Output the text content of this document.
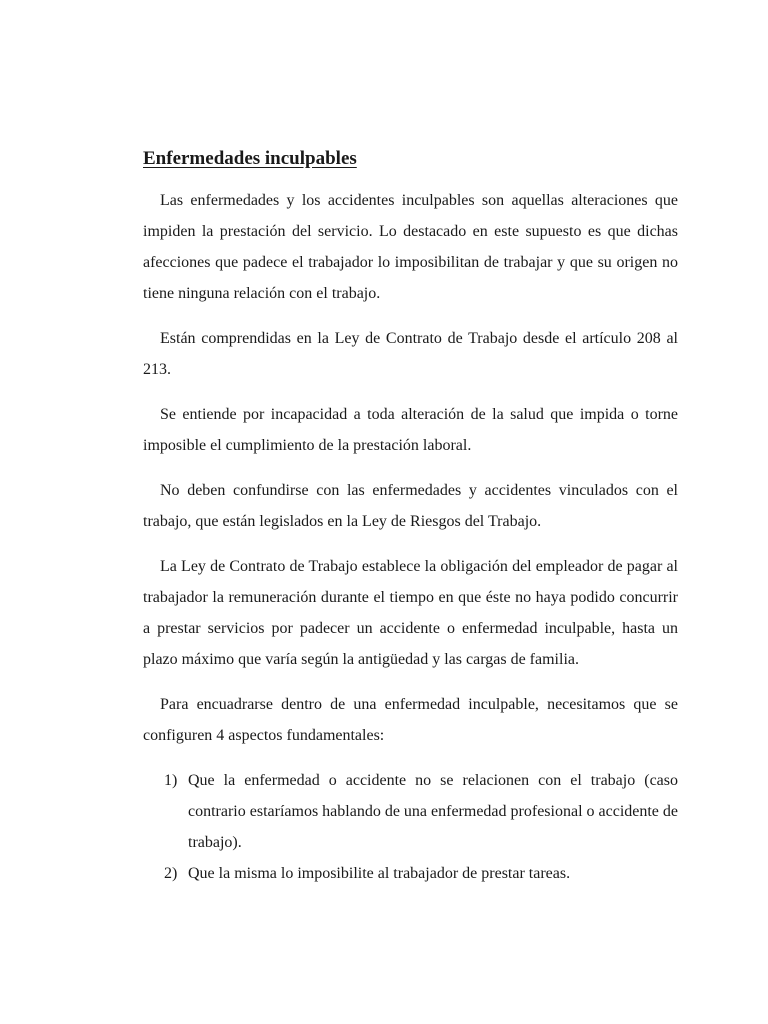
Enfermedades inculpables

Las enfermedades y los accidentes inculpables son aquellas alteraciones que impiden la prestación del servicio. Lo destacado en este supuesto es que dichas afecciones que padece el trabajador lo imposibilitan de trabajar y que su origen no tiene ninguna relación con el trabajo.

Están comprendidas en la Ley de Contrato de Trabajo desde el artículo 208 al 213.

Se entiende por incapacidad a toda alteración de la salud que impida o torne imposible el cumplimiento de la prestación laboral.

No deben confundirse con las enfermedades y accidentes vinculados con el trabajo, que están legislados en la Ley de Riesgos del Trabajo.

La Ley de Contrato de Trabajo establece la obligación del empleador de pagar al trabajador la remuneración durante el tiempo en que éste no haya podido concurrir a prestar servicios por padecer un accidente o enfermedad inculpable, hasta un plazo máximo que varía según la antigüedad y las cargas de familia.

Para encuadrarse dentro de una enfermedad inculpable, necesitamos que se configuren 4 aspectos fundamentales:

1) Que la enfermedad o accidente no se relacionen con el trabajo (caso contrario estaríamos hablando de una enfermedad profesional o accidente de trabajo).
2) Que la misma lo imposibilite al trabajador de prestar tareas.
